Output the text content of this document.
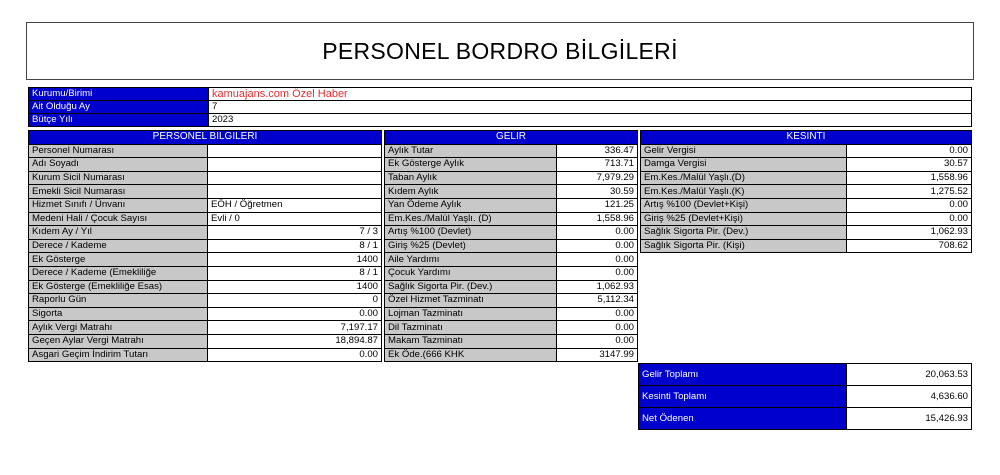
PERSONEL BORDRO BİLGİLERİ
Kurumu/Birimi	kamuajans.com Özel Haber
Ait Olduğu Ay	7
Bütçe Yılı	2023
PERSONEL BİLGİLERİ	
Personel Numarası	
Adı Soyadı	
Kurum Sicil Numarası	
Emekli Sicil Numarası	
Hizmet Sınıfı / Ünvanı	EÖH / Öğretmen
Medeni Hali / Çocuk Sayısı	Evli / 0
Kıdem Ay / Yıl	7 / 3
Derece / Kademe	8 / 1
Ek Gösterge	1400
Derece / Kademe (Emekliliğe	8 / 1
Ek Gösterge (Emekliliğe Esas)	1400
Raporlu Gün	0
Sigorta	0.00
Aylık Vergi Matrahı	7,197.17
Geçen Aylar Vergi Matrahı	18,894.87
Asgari Geçim İndirim Tutarı	0.00
GELİR	
Aylık Tutar	336.47
Ek Gösterge Aylık	713.71
Taban Aylık	7,979.29
Kıdem Aylık	30.59
Yan Ödeme Aylık	121.25
Em.Kes./Malül Yaşlı. (D)	1,558.96
Artış %100 (Devlet)	0.00
Giriş %25 (Devlet)	0.00
Aile Yardımı	0.00
Çocuk Yardımı	0.00
Sağlık Sigorta Pir. (Dev.)	1,062.93
Özel Hizmet Tazminatı	5,112.34
Lojman Tazminatı	0.00
Dil Tazminatı	0.00
Makam Tazminatı	0.00
Ek Öde.(666 KHK	3147.99
KESİNTİ	
Gelir Vergisi	0.00
Damga Vergisi	30.57
Em.Kes./Malül Yaşlı.(D)	1,558.96
Em.Kes./Malül Yaşlı.(K)	1,275.52
Artış %100 (Devlet+Kişi)	0.00
Giriş %25 (Devlet+Kişi)	0.00
Sağlık Sigorta Pir. (Dev.)	1,062.93
Sağlık Sigorta Pir. (Kişi)	708.62
Gelir Toplamı	20,063.53
Kesinti Toplamı	4,636.60
Net Ödenen	15,426.93
